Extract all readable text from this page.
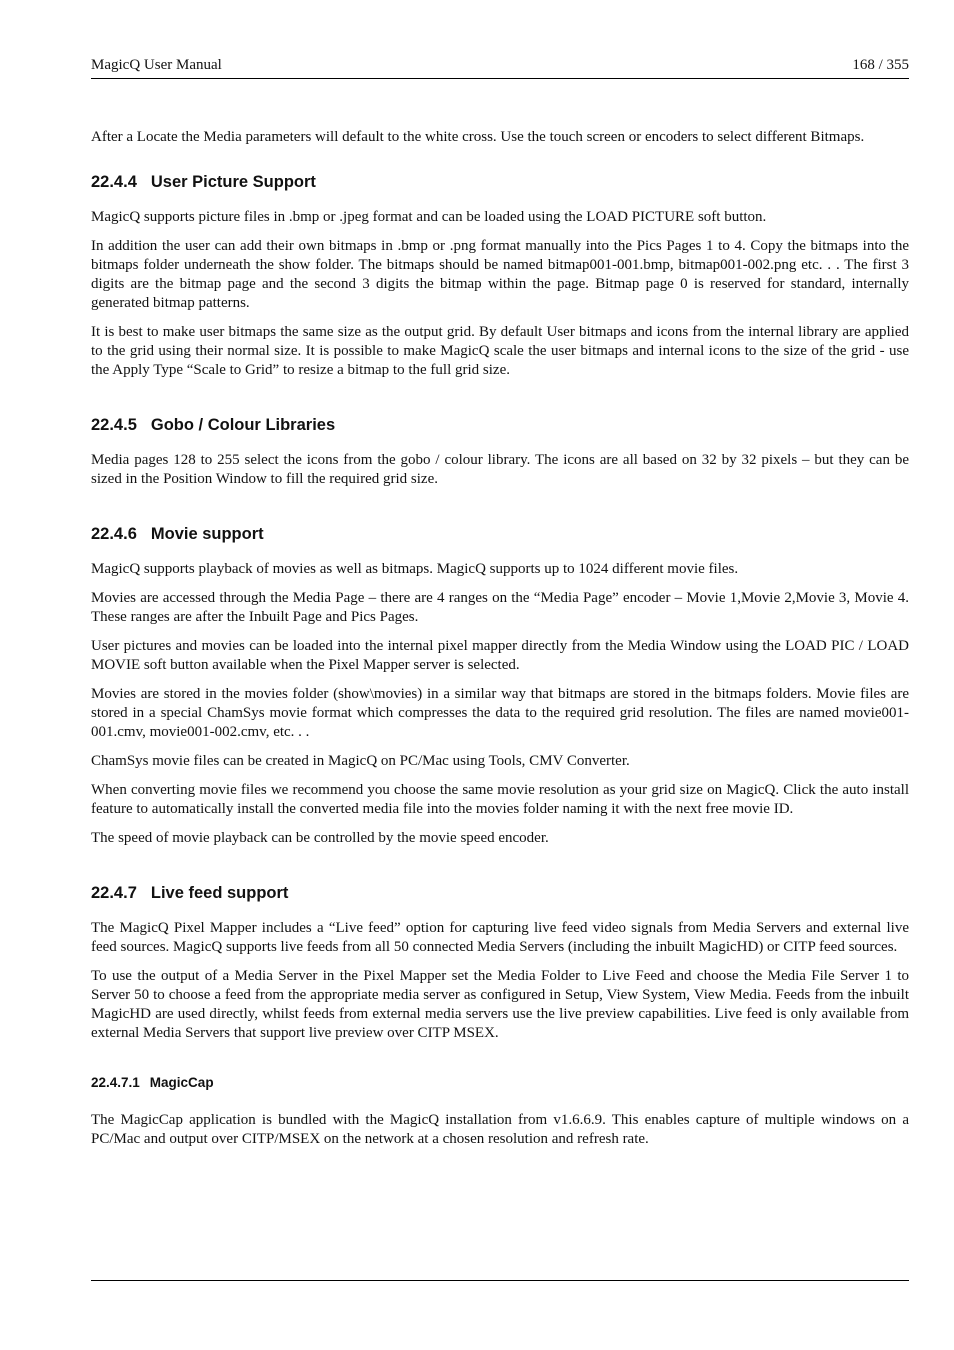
MagicQ User Manual	168 / 355

After a Locate the Media parameters will default to the white cross. Use the touch screen or encoders to select different Bitmaps.

22.4.4 User Picture Support

MagicQ supports picture files in .bmp or .jpeg format and can be loaded using the LOAD PICTURE soft button.

In addition the user can add their own bitmaps in .bmp or .png format manually into the Pics Pages 1 to 4. Copy the bitmaps into the bitmaps folder underneath the show folder. The bitmaps should be named bitmap001-001.bmp, bitmap001-002.png etc. . . The first 3 digits are the bitmap page and the second 3 digits the bitmap within the page. Bitmap page 0 is reserved for standard, internally generated bitmap patterns.

It is best to make user bitmaps the same size as the output grid. By default User bitmaps and icons from the internal library are applied to the grid using their normal size. It is possible to make MagicQ scale the user bitmaps and internal icons to the size of the grid - use the Apply Type “Scale to Grid” to resize a bitmap to the full grid size.

22.4.5 Gobo / Colour Libraries

Media pages 128 to 255 select the icons from the gobo / colour library. The icons are all based on 32 by 32 pixels – but they can be sized in the Position Window to fill the required grid size.

22.4.6 Movie support

MagicQ supports playback of movies as well as bitmaps. MagicQ supports up to 1024 different movie files.

Movies are accessed through the Media Page – there are 4 ranges on the “Media Page” encoder – Movie 1,Movie 2,Movie 3, Movie 4. These ranges are after the Inbuilt Page and Pics Pages.

User pictures and movies can be loaded into the internal pixel mapper directly from the Media Window using the LOAD PIC / LOAD MOVIE soft button available when the Pixel Mapper server is selected.

Movies are stored in the movies folder (show\movies) in a similar way that bitmaps are stored in the bitmaps folders. Movie files are stored in a special ChamSys movie format which compresses the data to the required grid resolution. The files are named movie001-001.cmv, movie001-002.cmv, etc. . .

ChamSys movie files can be created in MagicQ on PC/Mac using Tools, CMV Converter.

When converting movie files we recommend you choose the same movie resolution as your grid size on MagicQ. Click the auto install feature to automatically install the converted media file into the movies folder naming it with the next free movie ID.

The speed of movie playback can be controlled by the movie speed encoder.

22.4.7 Live feed support

The MagicQ Pixel Mapper includes a “Live feed” option for capturing live feed video signals from Media Servers and external live feed sources. MagicQ supports live feeds from all 50 connected Media Servers (including the inbuilt MagicHD) or CITP feed sources.

To use the output of a Media Server in the Pixel Mapper set the Media Folder to Live Feed and choose the Media File Server 1 to Server 50 to choose a feed from the appropriate media server as configured in Setup, View System, View Media. Feeds from the inbuilt MagicHD are used directly, whilst feeds from external media servers use the live preview capabilities. Live feed is only available from external Media Servers that support live preview over CITP MSEX.

22.4.7.1 MagicCap

The MagicCap application is bundled with the MagicQ installation from v1.6.6.9. This enables capture of multiple windows on a PC/Mac and output over CITP/MSEX on the network at a chosen resolution and refresh rate.
